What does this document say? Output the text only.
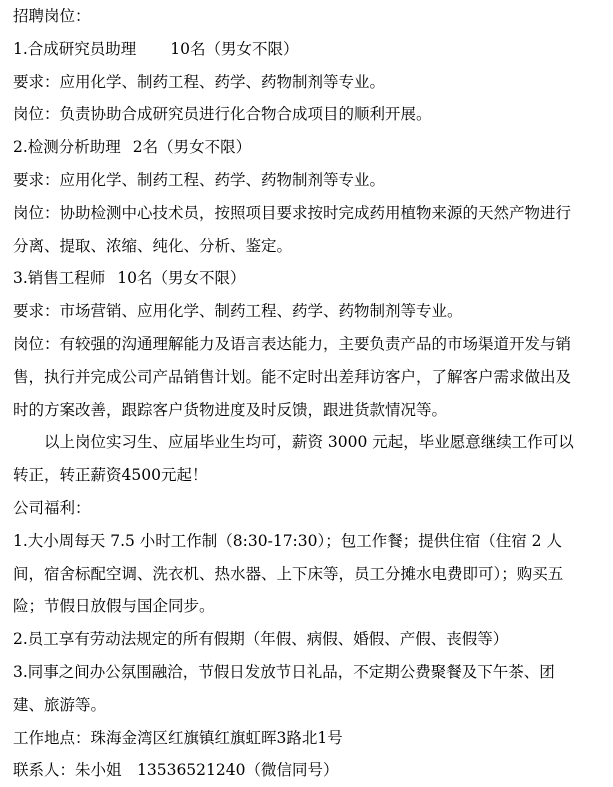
招聘岗位：
1.合成研究员助理 10名（男女不限）
要求：应用化学、制药工程、药学、药物制剂等专业。
岗位：负责协助合成研究员进行化合物合成项目的顺利开展。
2.检测分析助理 2名（男女不限）
要求：应用化学、制药工程、药学、药物制剂等专业。
岗位：协助检测中心技术员，按照项目要求按时完成药用植物来源的天然产物进行
分离、提取、浓缩、纯化、分析、鉴定。
3.销售工程师 10名（男女不限）
要求：市场营销、应用化学、制药工程、药学、药物制剂等专业。
岗位：有较强的沟通理解能力及语言表达能力，主要负责产品的市场渠道开发与销
售，执行并完成公司产品销售计划。能不定时出差拜访客户，了解客户需求做出及
时的方案改善，跟踪客户货物进度及时反馈，跟进货款情况等。
以上岗位实习生、应届毕业生均可，薪资 3000 元起，毕业愿意继续工作可以
转正，转正薪资4500元起！
公司福利：
1.大小周每天 7.5 小时工作制（8:30-17:30）；包工作餐；提供住宿（住宿 2 人
间，宿舍标配空调、洗衣机、热水器、上下床等，员工分摊水电费即可）；购买五
险；节假日放假与国企同步。
2.员工享有劳动法规定的所有假期（年假、病假、婚假、产假、丧假等）
3.同事之间办公氛围融洽，节假日发放节日礼品，不定期公费聚餐及下午茶、团
建、旅游等。
工作地点：珠海金湾区红旗镇红旗虹晖3路北1号
联系人：朱小姐　13536521240（微信同号）
